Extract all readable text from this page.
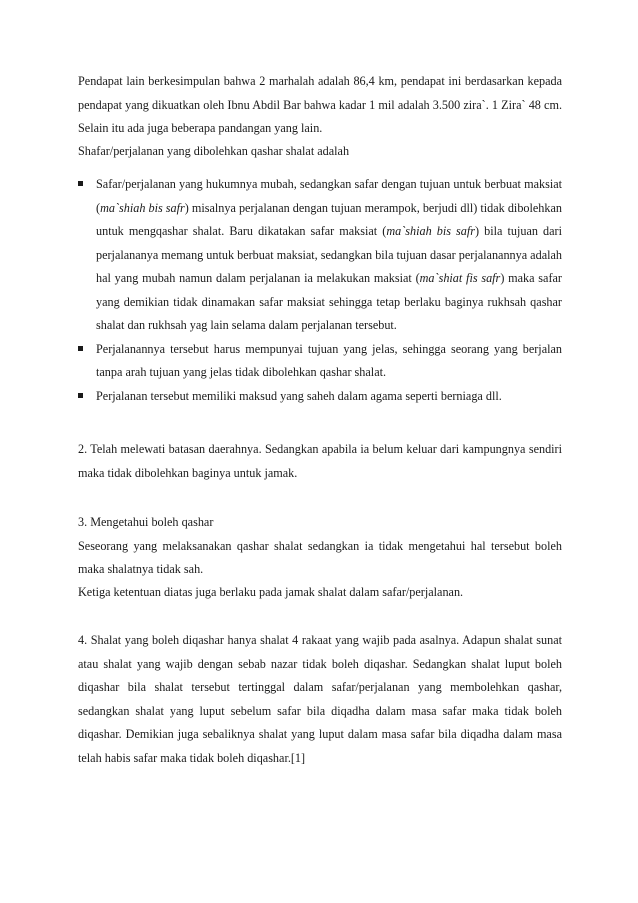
Pendapat lain berkesimpulan bahwa 2 marhalah adalah 86,4 km, pendapat ini berdasarkan kepada pendapat yang dikuatkan oleh Ibnu Abdil Bar bahwa kadar 1 mil adalah 3.500 zira`. 1 Zira` 48 cm. Selain itu ada juga beberapa pandangan yang lain.

Shafar/perjalanan yang dibolehkan qashar shalat adalah

Safar/perjalanan yang hukumnya mubah, sedangkan safar dengan tujuan untuk berbuat maksiat (ma`shiah bis safr) misalnya perjalanan dengan tujuan merampok, berjudi dll) tidak dibolehkan untuk mengqashar shalat. Baru dikatakan safar maksiat (ma`shiah bis safr) bila tujuan dari perjalananya memang untuk berbuat maksiat, sedangkan bila tujuan dasar perjalanannya adalah hal yang mubah namun dalam perjalanan ia melakukan maksiat (ma`shiat fis safr) maka safar yang demikian tidak dinamakan safar maksiat sehingga tetap berlaku baginya rukhsah qashar shalat dan rukhsah yag lain selama dalam perjalanan tersebut.

Perjalanannya tersebut harus mempunyai tujuan yang jelas, sehingga seorang yang berjalan tanpa arah tujuan yang jelas tidak dibolehkan qashar shalat.

Perjalanan tersebut memiliki maksud yang saheh dalam agama seperti berniaga dll.

2. Telah melewati batasan daerahnya. Sedangkan apabila ia belum keluar dari kampungnya sendiri maka tidak dibolehkan baginya untuk jamak.

3. Mengetahui boleh qashar

Seseorang yang melaksanakan qashar shalat sedangkan ia tidak mengetahui hal tersebut boleh maka shalatnya tidak sah.

Ketiga ketentuan diatas juga berlaku pada jamak shalat dalam safar/perjalanan.

4. Shalat yang boleh diqashar hanya shalat 4 rakaat yang wajib pada asalnya. Adapun shalat sunat atau shalat yang wajib dengan sebab nazar tidak boleh diqashar. Sedangkan shalat luput boleh diqashar bila shalat tersebut tertinggal dalam safar/perjalanan yang membolehkan qashar, sedangkan shalat yang luput sebelum safar bila diqadha dalam masa safar maka tidak boleh diqashar. Demikian juga sebaliknya shalat yang luput dalam masa safar bila diqadha dalam masa telah habis safar maka tidak boleh diqashar.[1]
